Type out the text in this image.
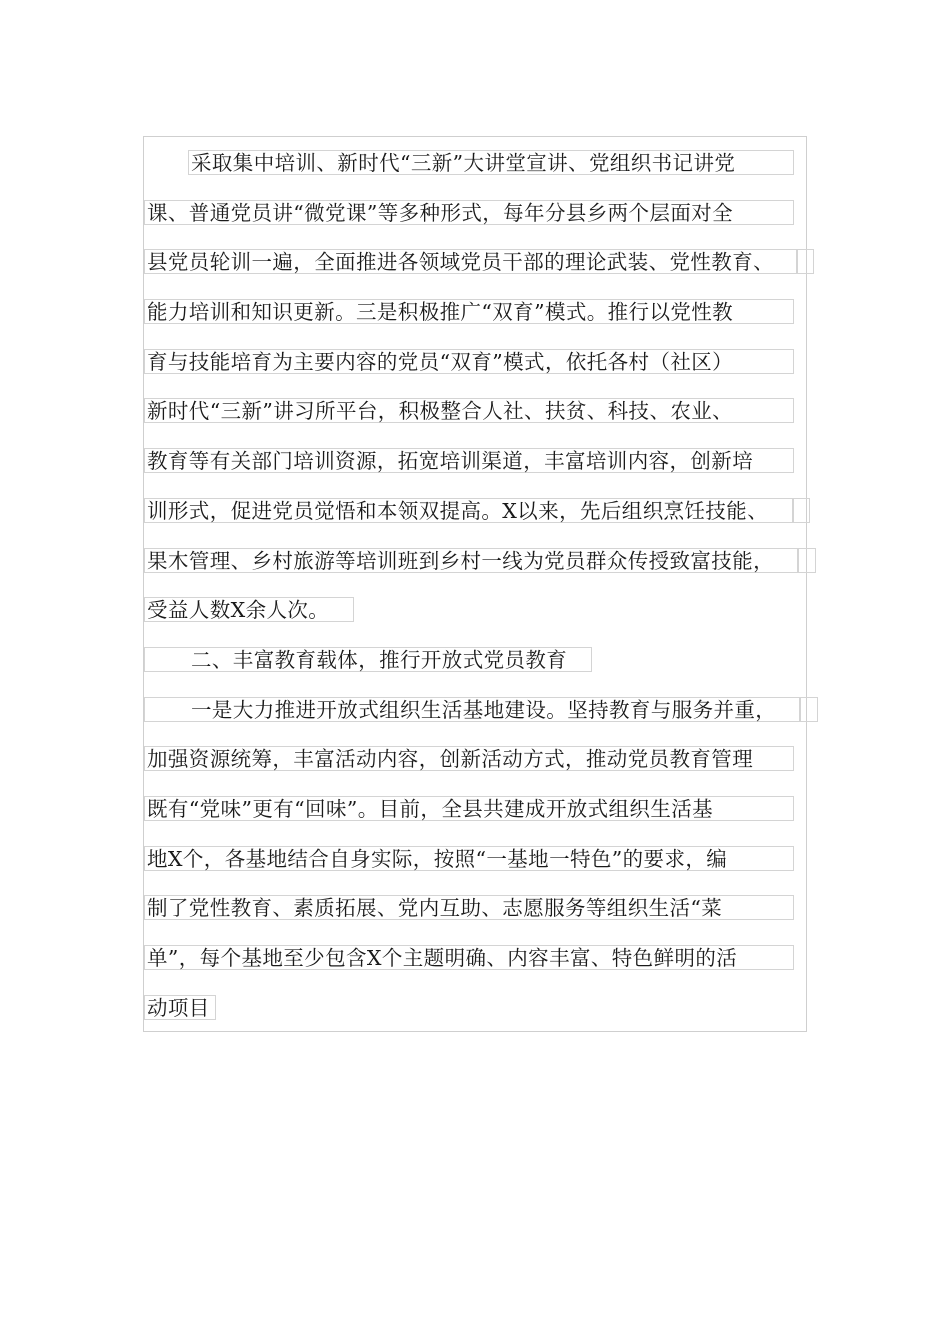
采取集中培训、新时代“三新”大讲堂宣讲、党组织书记讲党
课、普通党员讲“微党课”等多种形式，每年分县乡两个层面对全
县党员轮训一遍，全面推进各领域党员干部的理论武装、党性教育、
能力培训和知识更新。三是积极推广“双育”模式。推行以党性教
育与技能培育为主要内容的党员“双育”模式，依托各村（社区）
新时代“三新”讲习所平台，积极整合人社、扶贫、科技、农业、
教育等有关部门培训资源，拓宽培训渠道，丰富培训内容，创新培
训形式，促进党员觉悟和本领双提高。X以来，先后组织烹饪技能、
果木管理、乡村旅游等培训班到乡村一线为党员群众传授致富技能，
受益人数X余人次。
二、丰富教育载体，推行开放式党员教育
一是大力推进开放式组织生活基地建设。坚持教育与服务并重，
加强资源统筹，丰富活动内容，创新活动方式，推动党员教育管理
既有“党味”更有“回味”。目前，全县共建成开放式组织生活基
地X个，各基地结合自身实际，按照“一基地一特色”的要求，编
制了党性教育、素质拓展、党内互助、志愿服务等组织生活“菜
单”，每个基地至少包含X个主题明确、内容丰富、特色鲜明的活
动项目
